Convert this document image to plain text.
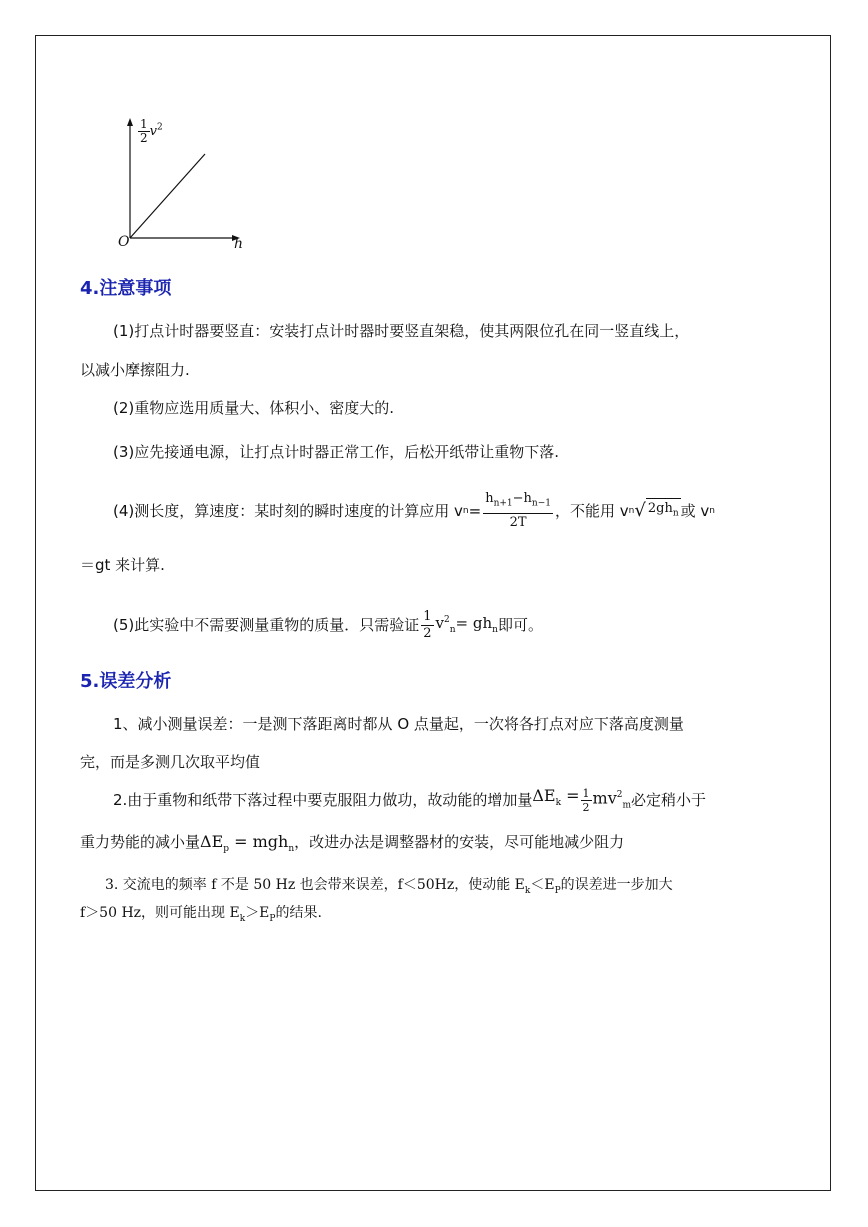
$\frac{1}{2} v^2$
O	h
4.注意事项
(1)打点计时器要竖直：安装打点计时器时要竖直架稳，使其两限位孔在同一竖直线上，
以减小摩擦阻力.
(2)重物应选用质量大、体积小、密度大的.
(3)应先接通电源，让打点计时器正常工作，后松开纸带让重物下落.
(4)测长度，算速度：某时刻的瞬时速度的计算应用 v $n = \frac{h_{n+1}-h_{n-1}}{2T}$ ，不能用 v n √ $2gh_n$ 或 v n
＝gt 来计算.
(5)此实验中不需要测量重物的质量．只需验证 $\frac{1}{2} v^2_n= gh_n$ 即可。
5.误差分析
1、减小测量误差：一是测下落距离时都从 O 点量起，一次将各打点对应下落高度测量
完，而是多测几次取平均值
2.由于重物和纸带下落过程中要克服阻力做功，故动能的增加量 $\Delta E_k = \frac{1}{2} mv^2_m$ 必定稍小于
重力势能的减小量$\Delta E_p = mgh_n$，改进办法是调整器材的安装，尽可能地减少阻力
3. 交流电的频率 f 不是 50 Hz 也会带来误差，f＜50Hz，使动能 $E_k<E_P$的误差进一步加大
f＞50 Hz，则可能出现 $E_k>E_P$的结果.
